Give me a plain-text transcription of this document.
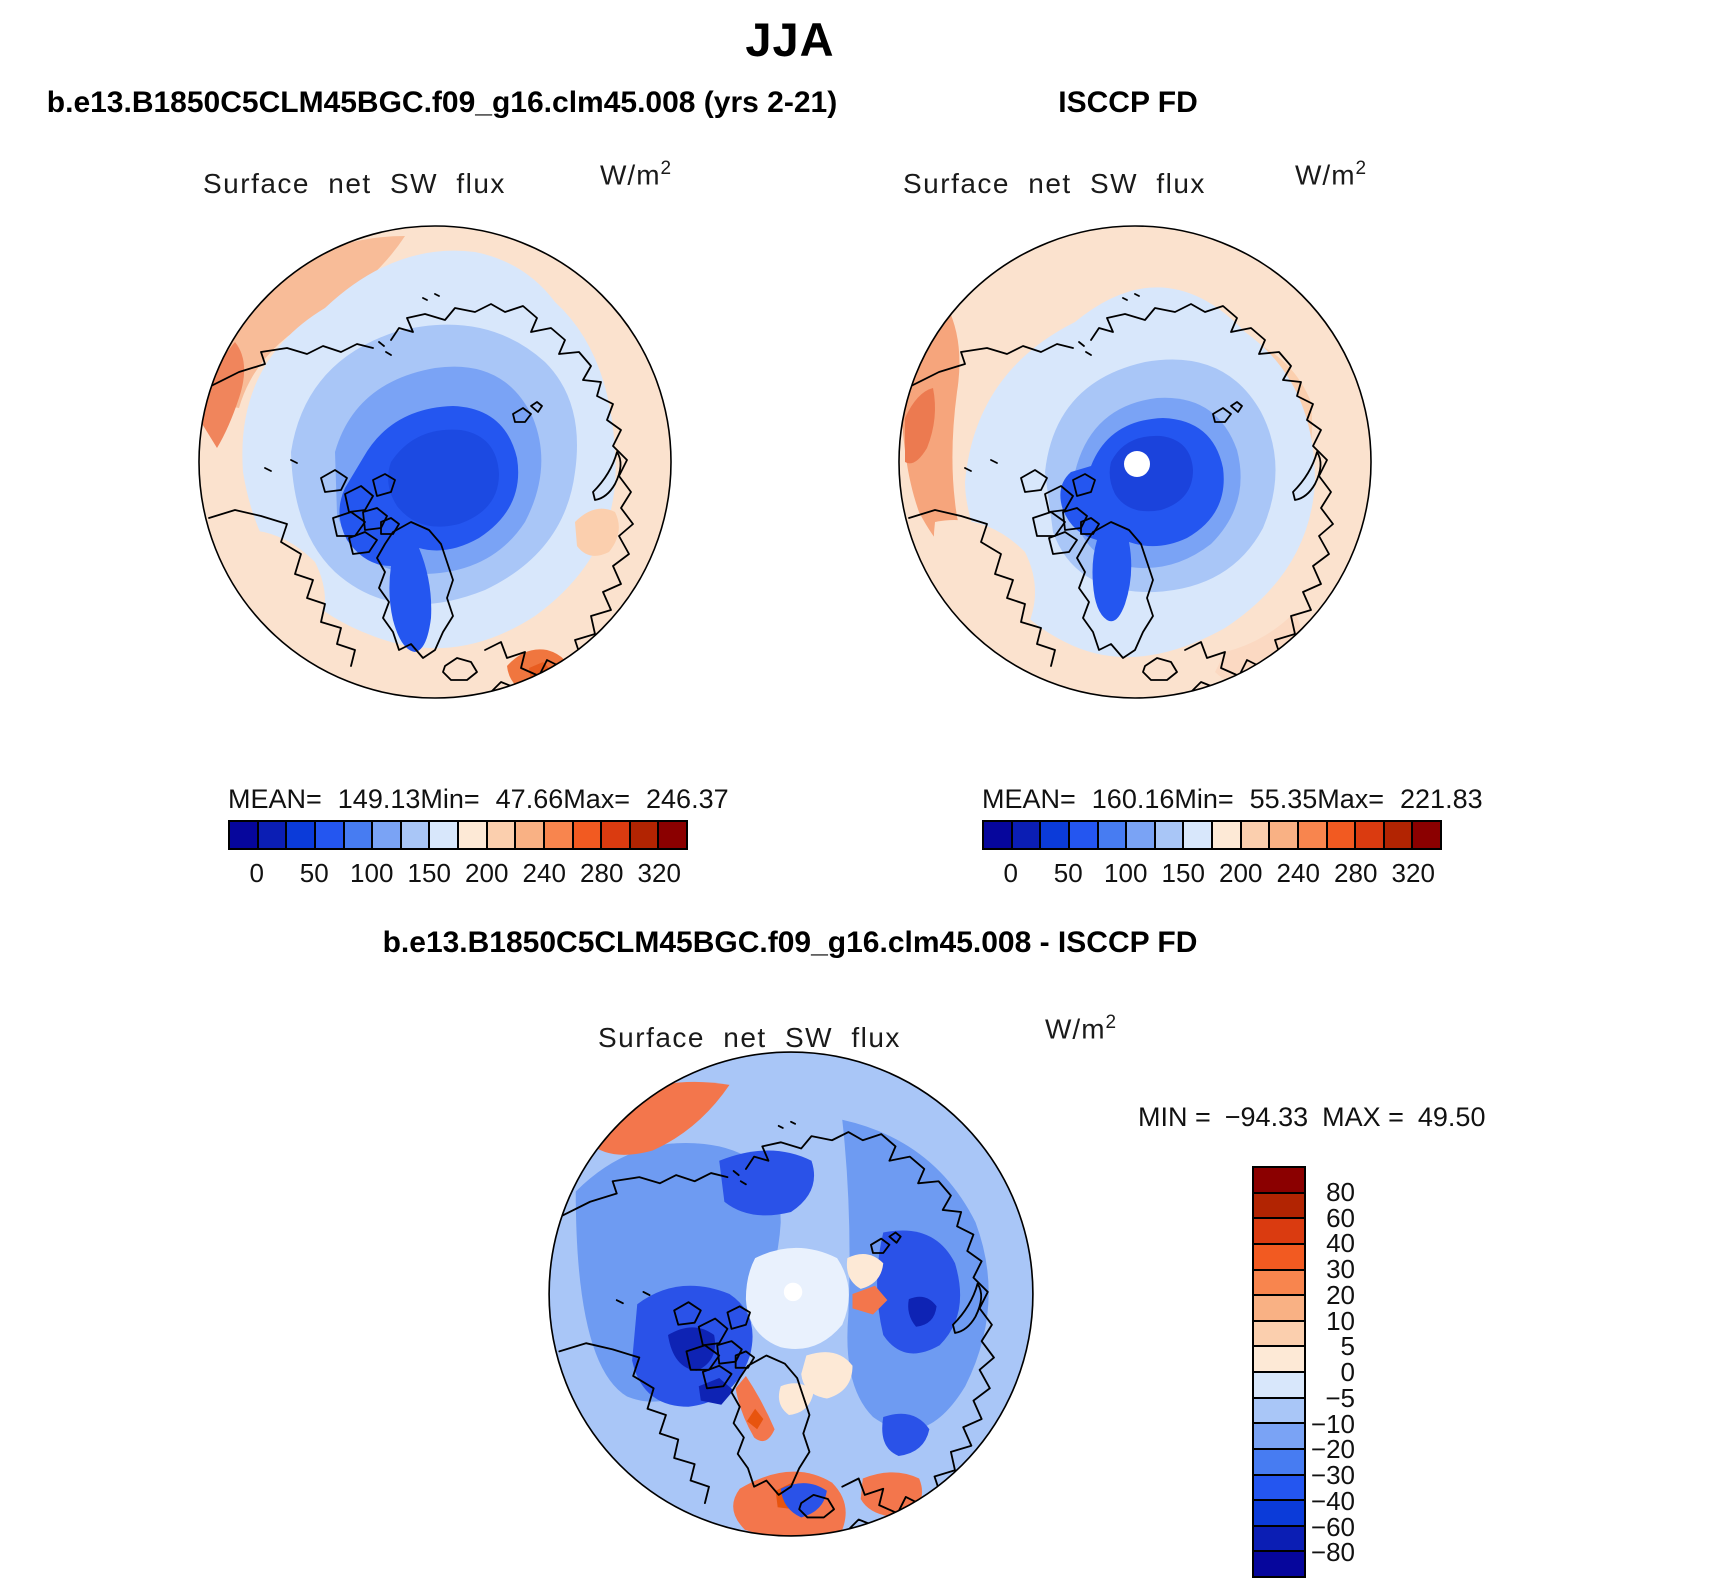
JJA
b.e13.B1850C5CLM45BGC.f09_g16.clm45.008 (yrs 2-21)	ISCCP FD
Surface net SW flux	$W/m^2$	Surface net SW flux	$W/m^2$
MEAN= 149.13 Min= 47.66 Max= 246.37
0 50 100 150 200 240 280 320
MEAN= 160.16 Min= 55.35 Max= 221.83
0 50 100 150 200 240 280 320
b.e13.B1850C5CLM45BGC.f09_g16.clm45.008 - ISCCP FD
Surface net SW flux	$W/m^2$
MIN = −94.33 MAX = 49.50
80
60
40
30
20
10
5
0
−5
−10
−20
−30
−40
−60
−80
